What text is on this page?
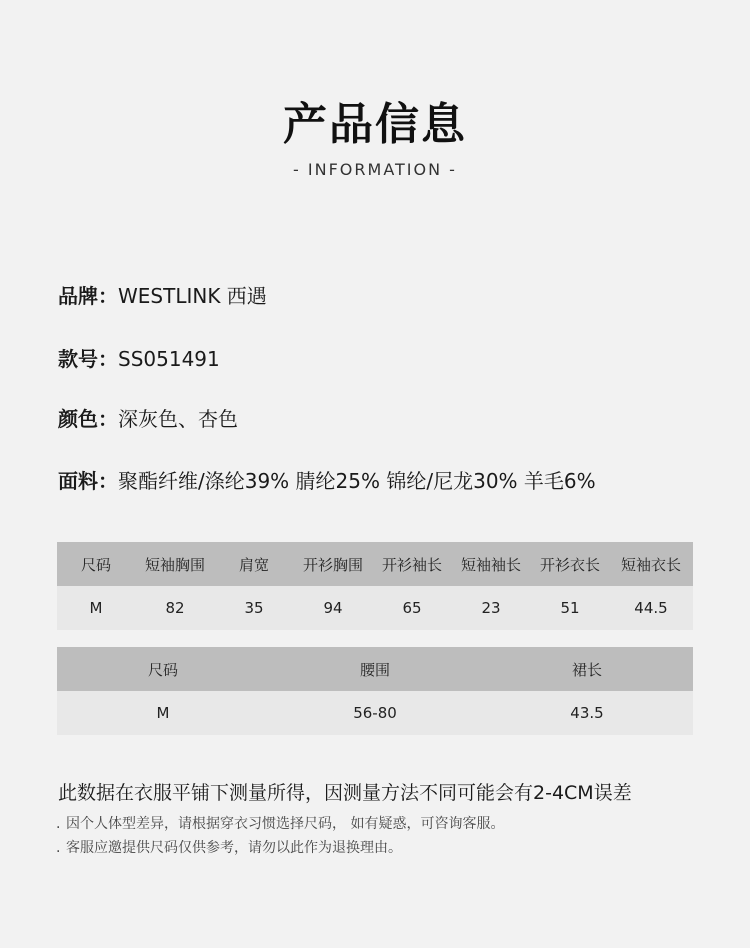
产品信息
- INFORMATION -
品牌：WESTLINK 西遇
款号：SS051491
颜色：深灰色、杏色
面料：聚酯纤维/涤纶39% 腈纶25% 锦纶/尼龙30% 羊毛6%
尺码	短袖胸围	肩宽	开衫胸围	开衫袖长	短袖袖长	开衫衣长	短袖衣长
M	82	35	94	65	23	51	44.5
尺码	腰围	裙长
M	56-80	43.5
此数据在衣服平铺下测量所得，因测量方法不同可能会有2-4CM误差
. 因个人体型差异，请根据穿衣习惯选择尺码， 如有疑惑，可咨询客服。
. 客服应邀提供尺码仅供参考，请勿以此作为退换理由。
